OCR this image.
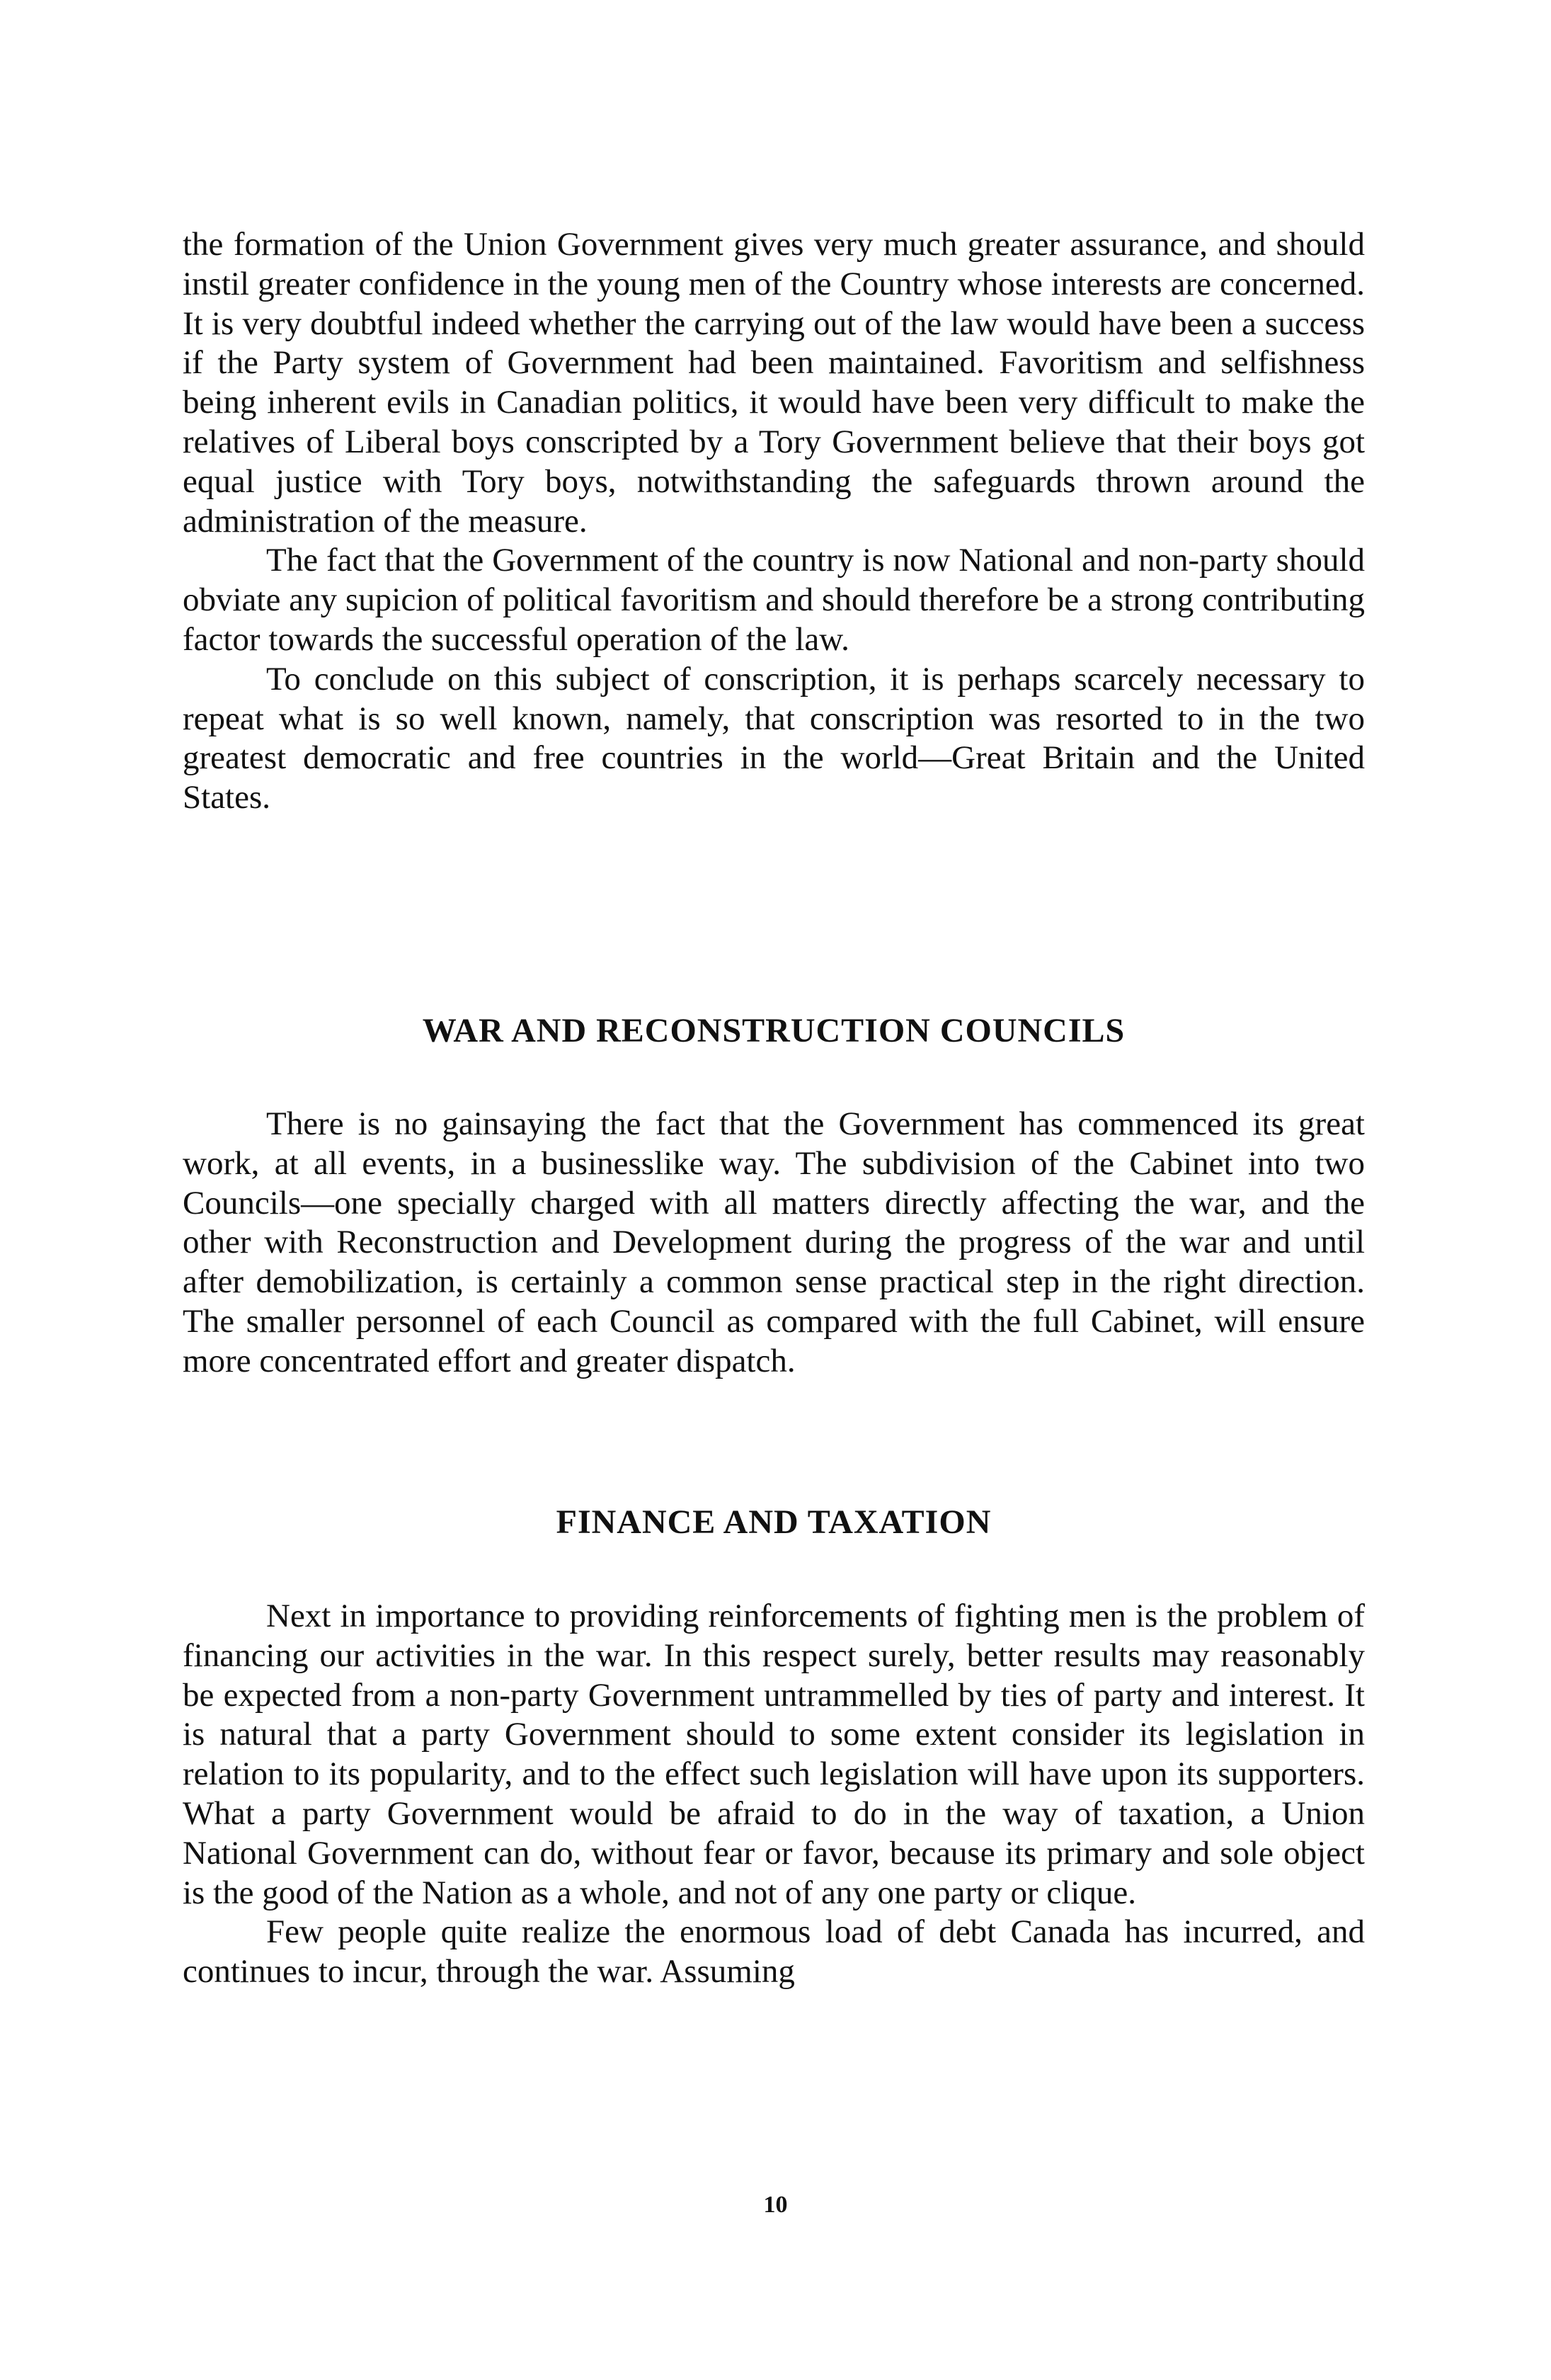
the formation of the Union Government gives very much greater assurance, and should instil greater confidence in the young men of the Country whose interests are concerned. It is very doubtful indeed whether the carrying out of the law would have been a success if the Party system of Government had been maintained. Favoritism and selfishness being inherent evils in Canadian politics, it would have been very difficult to make the relatives of Liberal boys conscripted by a Tory Government believe that their boys got equal justice with Tory boys, notwithstanding the safeguards thrown around the administration of the measure.

The fact that the Government of the country is now National and non-party should obviate any supicion of political favoritism and should therefore be a strong contributing factor towards the successful operation of the law.

To conclude on this subject of conscription, it is perhaps scarcely necessary to repeat what is so well known, namely, that conscription was resorted to in the two greatest democratic and free countries in the world—Great Britain and the United States.

WAR AND RECONSTRUCTION COUNCILS

There is no gainsaying the fact that the Government has commenced its great work, at all events, in a businesslike way. The subdivision of the Cabinet into two Councils—one specially charged with all matters directly affecting the war, and the other with Reconstruction and Development during the progress of the war and until after demobilization, is certainly a common sense practical step in the right direction. The smaller personnel of each Council as compared with the full Cabinet, will ensure more concentrated effort and greater dispatch.

FINANCE AND TAXATION

Next in importance to providing reinforcements of fighting men is the problem of financing our activities in the war. In this respect surely, better results may reasonably be expected from a non-party Government untrammelled by ties of party and interest. It is natural that a party Government should to some extent consider its legislation in relation to its popularity, and to the effect such legislation will have upon its supporters. What a party Government would be afraid to do in the way of taxation, a Union National Government can do, without fear or favor, because its primary and sole object is the good of the Nation as a whole, and not of any one party or clique.

Few people quite realize the enormous load of debt Canada has incurred, and continues to incur, through the war. Assuming

10
